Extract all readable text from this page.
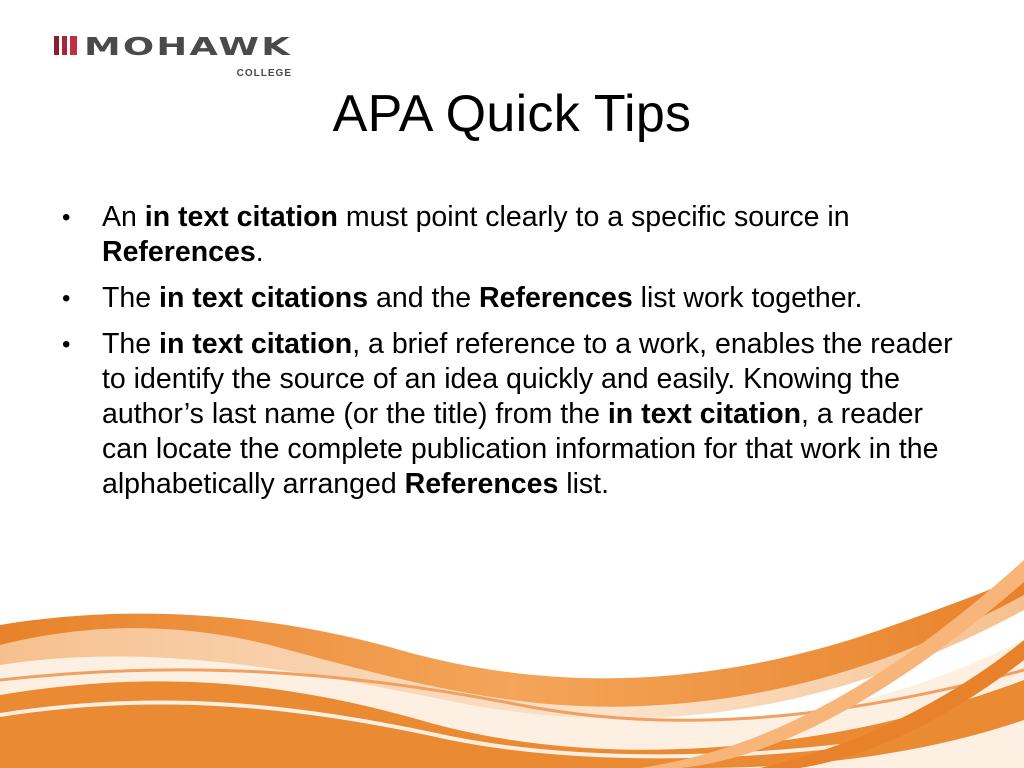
MOHAWK
COLLEGE
APA Quick Tips
•	An in text citation must point clearly to a specific source in References.
•	The in text citations and the References list work together.
•	The in text citation, a brief reference to a work, enables the reader to identify the source of an idea quickly and easily. Knowing the author’s last name (or the title) from the in text citation, a reader can locate the complete publication information for that work in the alphabetically arranged References list.
